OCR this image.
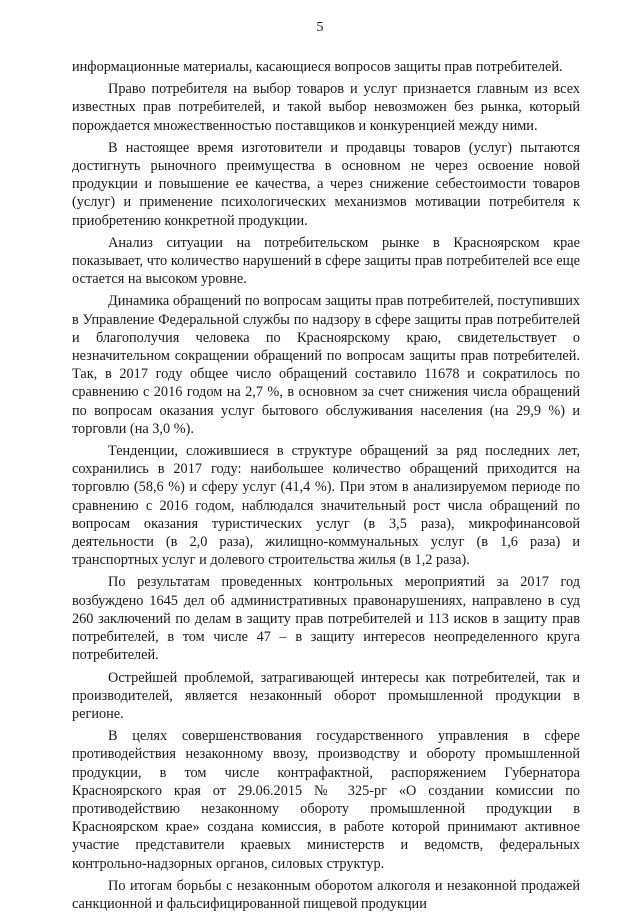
5

информационные материалы, касающиеся вопросов защиты прав потребителей.

Право потребителя на выбор товаров и услуг признается главным из всех известных прав потребителей, и такой выбор невозможен без рынка, который порождается множественностью поставщиков и конкуренцией между ними.

В настоящее время изготовители и продавцы товаров (услуг) пытаются достигнуть рыночного преимущества в основном не через освоение новой продукции и повышение ее качества, а через снижение себестоимости товаров (услуг) и применение психологических механизмов мотивации потребителя к приобретению конкретной продукции.

Анализ ситуации на потребительском рынке в Красноярском крае показывает, что количество нарушений в сфере защиты прав потребителей все еще остается на высоком уровне.

Динамика обращений по вопросам защиты прав потребителей, поступивших в Управление Федеральной службы по надзору в сфере защиты прав потребителей и благополучия человека по Красноярскому краю, свидетельствует о незначительном сокращении обращений по вопросам защиты прав потребителей. Так, в 2017 году общее число обращений составило 11678 и сократилось по сравнению с 2016 годом на 2,7 %, в основном за счет снижения числа обращений по вопросам оказания услуг бытового обслуживания населения (на 29,9 %) и торговли (на 3,0 %).

Тенденции, сложившиеся в структуре обращений за ряд последних лет, сохранились в 2017 году: наибольшее количество обращений приходится на торговлю (58,6 %) и сферу услуг (41,4 %). При этом в анализируемом периоде по сравнению с 2016 годом, наблюдался значительный рост числа обращений по вопросам оказания туристических услуг (в 3,5 раза), микрофинансовой деятельности (в 2,0 раза), жилищно-коммунальных услуг (в 1,6 раза) и транспортных услуг и долевого строительства жилья (в 1,2 раза).

По результатам проведенных контрольных мероприятий за 2017 год возбуждено 1645 дел об административных правонарушениях, направлено в суд 260 заключений по делам в защиту прав потребителей и 113 исков в защиту прав потребителей, в том числе 47 – в защиту интересов неопределенного круга потребителей.

Острейшей проблемой, затрагивающей интересы как потребителей, так и производителей, является незаконный оборот промышленной продукции в регионе.

В целях совершенствования государственного управления в сфере противодействия незаконному ввозу, производству и обороту промышленной продукции, в том числе контрафактной, распоряжением Губернатора Красноярского края от 29.06.2015 № 325-рг «О создании комиссии по противодействию незаконному обороту промышленной продукции в Красноярском крае» создана комиссия, в работе которой принимают активное участие представители краевых министерств и ведомств, федеральных контрольно-надзорных органов, силовых структур.

По итогам борьбы с незаконным оборотом алкоголя и незаконной продажей санкционной и фальсифицированной пищевой продукции
